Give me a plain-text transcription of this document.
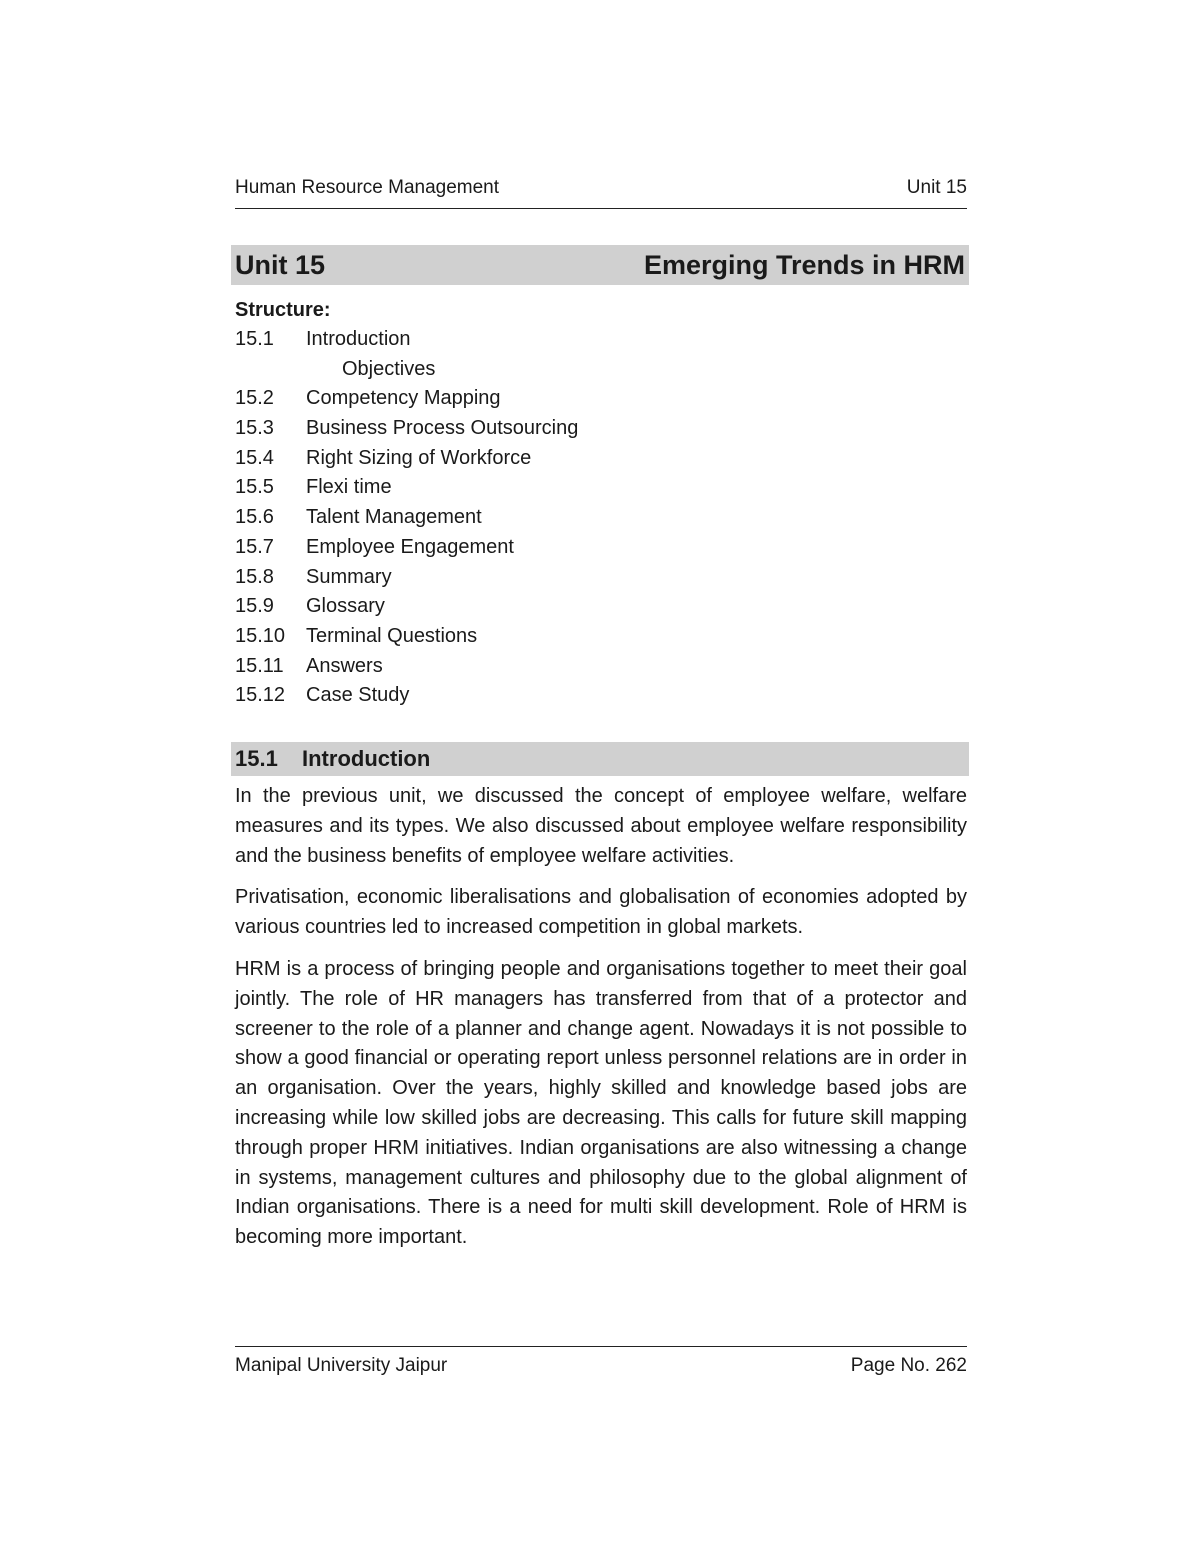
Human Resource Management	Unit 15
Unit 15	Emerging Trends in HRM
Structure:
15.1	Introduction
Objectives
15.2	Competency Mapping
15.3	Business Process Outsourcing
15.4	Right Sizing of Workforce
15.5	Flexi time
15.6	Talent Management
15.7	Employee Engagement
15.8	Summary
15.9	Glossary
15.10	Terminal Questions
15.11	Answers
15.12	Case Study
15.1	Introduction

In the previous unit, we discussed the concept of employee welfare, welfare measures and its types. We also discussed about employee welfare responsibility and the business benefits of employee welfare activities.

Privatisation, economic liberalisations and globalisation of economies adopted by various countries led to increased competition in global markets.

HRM is a process of bringing people and organisations together to meet their goal jointly. The role of HR managers has transferred from that of a protector and screener to the role of a planner and change agent. Nowadays it is not possible to show a good financial or operating report unless personnel relations are in order in an organisation. Over the years, highly skilled and knowledge based jobs are increasing while low skilled jobs are decreasing. This calls for future skill mapping through proper HRM initiatives. Indian organisations are also witnessing a change in systems, management cultures and philosophy due to the global alignment of Indian organisations. There is a need for multi skill development. Role of HRM is becoming more important.

Manipal University Jaipur	Page No. 262
